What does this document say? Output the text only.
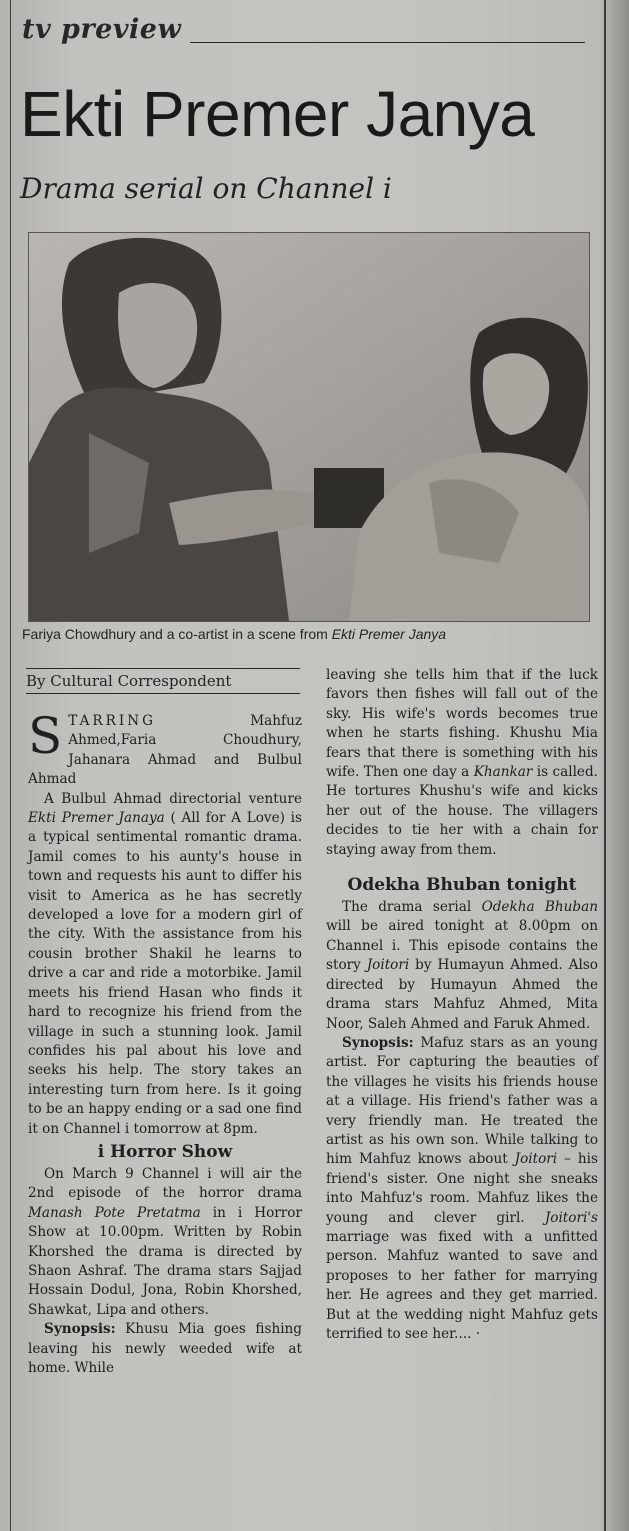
tv preview
Ekti Premer Janya
Drama serial on Channel i
Fariya Chowdhury and a co-artist in a scene from Ekti Premer Janya
By Cultural Correspondent

STARRING Mahfuz Ahmed,Faria Choudhury, Jahanara Ahmad and Bulbul Ahmad

A Bulbul Ahmad directorial venture Ekti Premer Janaya ( All for A Love) is a typical sentimental romantic drama. Jamil comes to his aunty's house in town and requests his aunt to differ his visit to America as he has secretly developed a love for a modern girl of the city. With the assistance from his cousin brother Shakil he learns to drive a car and ride a motorbike. Jamil meets his friend Hasan who finds it hard to recognize his friend from the village in such a stunning look. Jamil confides his pal about his love and seeks his help. The story takes an interesting turn from here. Is it going to be an happy ending or a sad one find it on Channel i tomorrow at 8pm.

i Horror Show

On March 9 Channel i will air the 2nd episode of the horror drama Manash Pote Pretatma in i Horror Show at 10.00pm. Written by Robin Khorshed the drama is directed by Shaon Ashraf. The drama stars Sajjad Hossain Dodul, Jona, Robin Khorshed, Shawkat, Lipa and others.

Synopsis: Khusu Mia goes fishing leaving his newly weeded wife at home. While

leaving she tells him that if the luck favors then fishes will fall out of the sky. His wife's words becomes true when he starts fishing. Khushu Mia fears that there is something with his wife. Then one day a Khankar is called. He tortures Khushu's wife and kicks her out of the house. The villagers decides to tie her with a chain for staying away from them.

Odekha Bhuban tonight

The drama serial Odekha Bhuban will be aired tonight at 8.00pm on Channel i. This episode contains the story Joitori by Humayun Ahmed. Also directed by Humayun Ahmed the drama stars Mahfuz Ahmed, Mita Noor, Saleh Ahmed and Faruk Ahmed.

Synopsis: Mafuz stars as an young artist. For capturing the beauties of the villages he visits his friends house at a village. His friend's father was a very friendly man. He treated the artist as his own son. While talking to him Mahfuz knows about Joitori – his friend's sister. One night she sneaks into Mahfuz's room. Mahfuz likes the young and clever girl. Joitori's marriage was fixed with a unfitted person. Mahfuz wanted to save and proposes to her father for marrying her. He agrees and they get married. But at the wedding night Mahfuz gets terrified to see her.... ·
